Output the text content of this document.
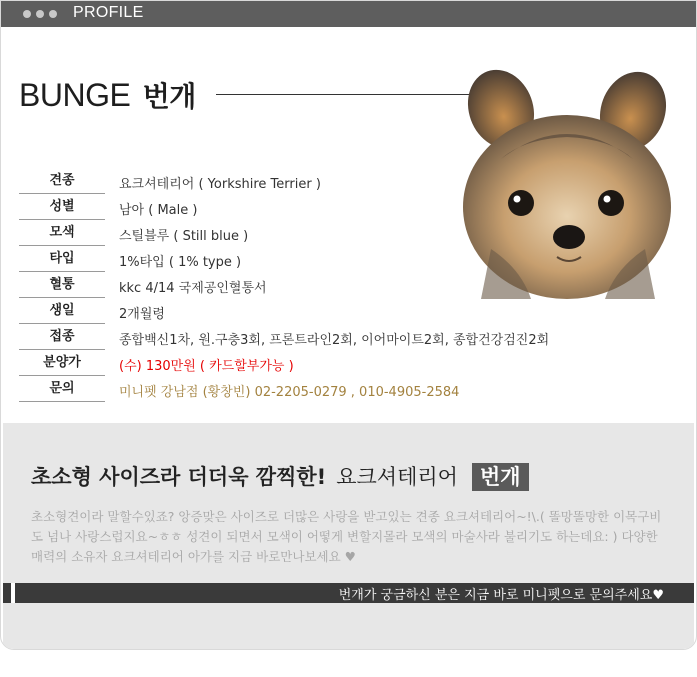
PROFILE
BUNGE 번개
견종	요크셔테리어 ( Yorkshire Terrier )
성별	남아 ( Male )
모색	스틸블루 ( Still blue )
타입	1%타입 ( 1% type )
혈통	kkc 4/14 국제공인혈통서
생일	2개월령
접종	종합백신1차, 원.구충3회, 프론트라인2회, 이어마이트2회, 종합건강검진2회
분양가	(수) 130만원 ( 카드할부가능 )
문의	미니펫 강남점 (황창빈) 02-2205-0279 , 010-4905-2584
초소형 사이즈라 더더욱 깜찍한! 요크셔테리어 번개
초소형견이라 말할수있죠? 앙증맞은 사이즈로 더많은 사랑을 받고있는 견종 요크셔테리어~!\.( 똘망똘망한 이목구비도 넘나 사랑스럽지요~ㅎㅎ 성견이 되면서 모색이 어떻게 변할지몰라 모색의 마술사라 불리기도 하는데요: ) 다양한 매력의 소유자 요크셔테리어 아가를 지금 바로만나보세요 ♥
번개가 궁금하신 분은 지금 바로 미니펫으로 문의주세요♥
